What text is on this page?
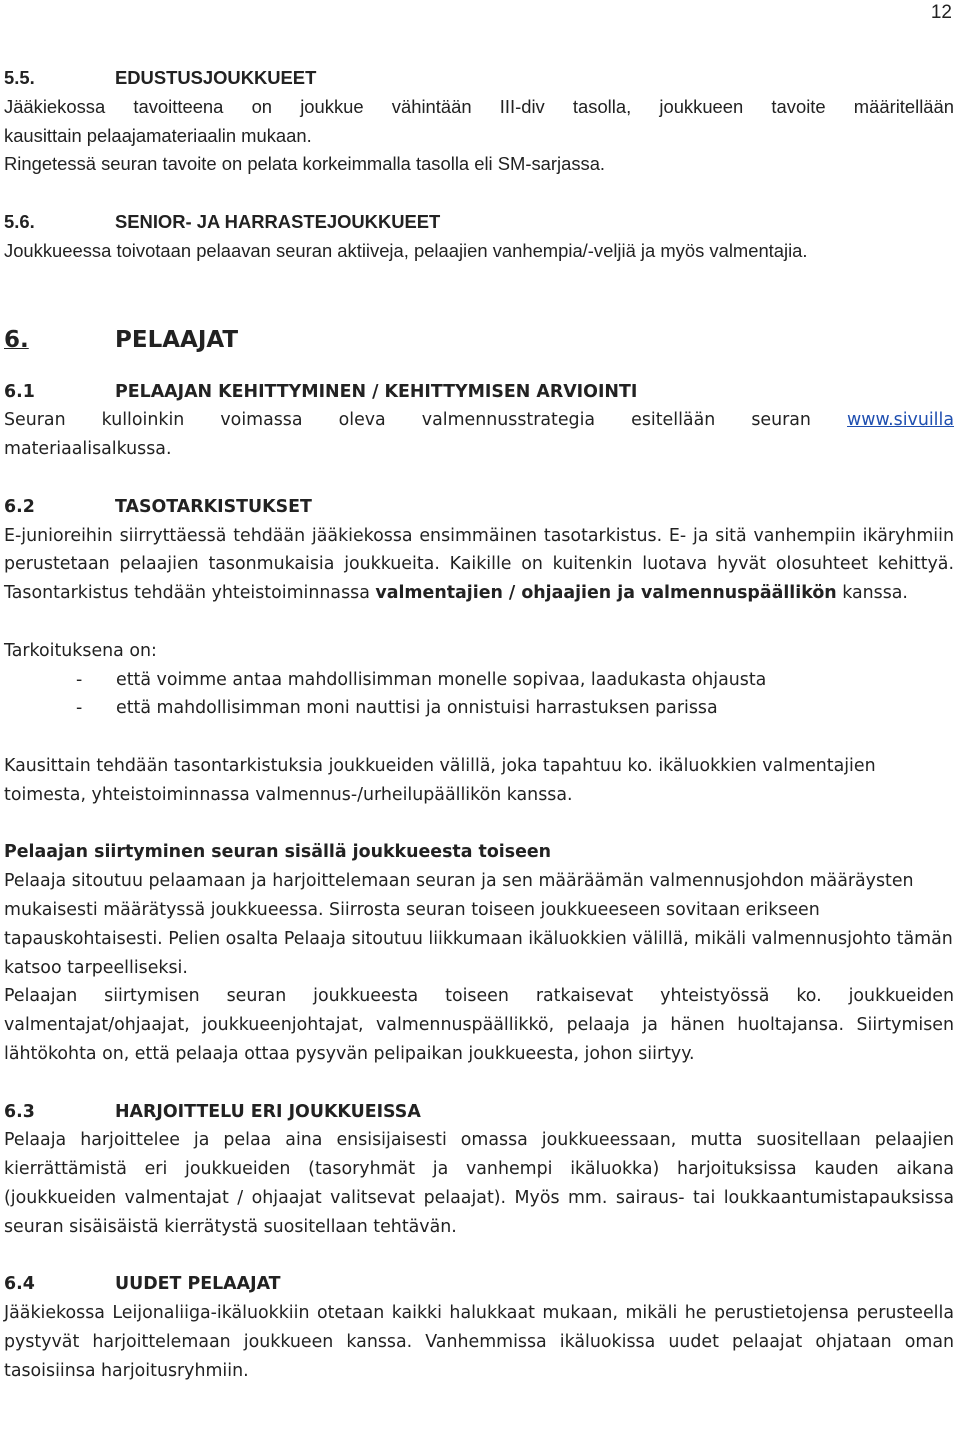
12

5.5.	EDUSTUSJOUKKUEET

Jääkiekossa tavoitteena on joukkue vähintään III-div tasolla, joukkueen tavoite määritellään

kausittain pelaajamateriaalin mukaan.

Ringetessä seuran tavoite on pelata korkeimmalla tasolla eli SM-sarjassa.

5.6.	SENIOR- JA HARRASTEJOUKKUEET

Joukkueessa toivotaan pelaavan seuran aktiiveja, pelaajien vanhempia/-veljiä ja myös valmentajia.

6.	PELAAJAT

6.1	PELAAJAN KEHITTYMINEN / KEHITTYMISEN ARVIOINTI

Seuran kulloinkin voimassa oleva valmennusstrategia esitellään seuran www.sivuilla

materiaalisalkussa.

6.2	TASOTARKISTUKSET

E-junioreihin siirryttäessä tehdään jääkiekossa ensimmäinen tasotarkistus. E- ja sitä vanhempiin ikäryhmiin perustetaan pelaajien tasonmukaisia joukkueita. Kaikille on kuitenkin luotava hyvät olosuhteet kehittyä. Tasontarkistus tehdään yhteistoiminnassa valmentajien / ohjaajien ja valmennuspäällikön kanssa.

Tarkoituksena on:

- että voimme antaa mahdollisimman monelle sopivaa, laadukasta ohjausta
- että mahdollisimman moni nauttisi ja onnistuisi harrastuksen parissa

Kausittain tehdään tasontarkistuksia joukkueiden välillä, joka tapahtuu ko. ikäluokkien valmentajien toimesta, yhteistoiminnassa valmennus-/urheilupäällikön kanssa.

Pelaajan siirtyminen seuran sisällä joukkueesta toiseen

Pelaaja sitoutuu pelaamaan ja harjoittelemaan seuran ja sen määräämän valmennusjohdon määräysten mukaisesti määrätyssä joukkueessa. Siirrosta seuran toiseen joukkueeseen sovitaan erikseen tapauskohtaisesti. Pelien osalta Pelaaja sitoutuu liikkumaan ikäluokkien välillä, mikäli valmennusjohto tämän katsoo tarpeelliseksi.

Pelaajan siirtymisen seuran joukkueesta toiseen ratkaisevat yhteistyössä ko. joukkueiden valmentajat/ohjaajat, joukkueenjohtajat, valmennuspäällikkö, pelaaja ja hänen huoltajansa. Siirtymisen lähtökohta on, että pelaaja ottaa pysyvän pelipaikan joukkueesta, johon siirtyy.

6.3	HARJOITTELU ERI JOUKKUEISSA

Pelaaja harjoittelee ja pelaa aina ensisijaisesti omassa joukkueessaan, mutta suositellaan pelaajien kierrättämistä eri joukkueiden (tasoryhmät ja vanhempi ikäluokka) harjoituksissa kauden aikana (joukkueiden valmentajat / ohjaajat valitsevat pelaajat). Myös mm. sairaus- tai loukkaantumistapauksissa seuran sisäisäistä kierrätystä suositellaan tehtävän.

6.4	UUDET PELAAJAT

Jääkiekossa Leijonaliiga-ikäluokkiin otetaan kaikki halukkaat mukaan, mikäli he perustietojensa perusteella pystyvät harjoittelemaan joukkueen kanssa. Vanhemmissa ikäluokissa uudet pelaajat ohjataan oman tasoisiinsa harjoitusryhmiin.
